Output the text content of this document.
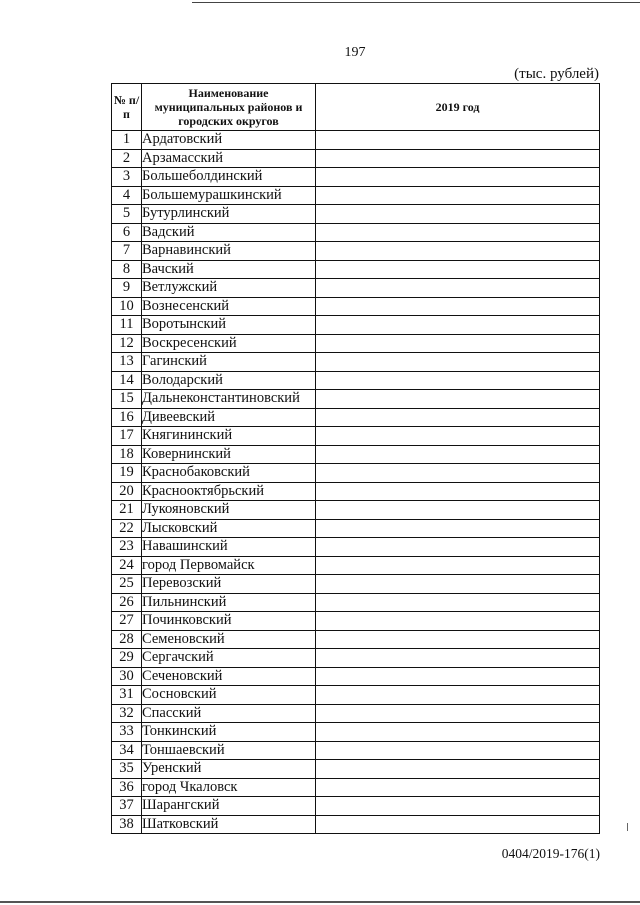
197
(тыс. рублей)
№ п/п	Наименование муниципальных районов и городских округов	2019 год
1	Ардатовский	
2	Арзамасский	
3	Большеболдинский	
4	Большемурашкинский	
5	Бутурлинский	
6	Вадский	
7	Варнавинский	
8	Вачский	
9	Ветлужский	
10	Вознесенский	
11	Воротынский	
12	Воскресенский	
13	Гагинский	
14	Володарский	
15	Дальнеконстантиновский	
16	Дивеевский	
17	Княгининский	
18	Ковернинский	
19	Краснобаковский	
20	Краснооктябрьский	
21	Лукояновский	
22	Лысковский	
23	Навашинский	
24	город Первомайск	
25	Перевозский	
26	Пильнинский	
27	Починковский	
28	Семеновский	
29	Сергачский	
30	Сеченовский	
31	Сосновский	
32	Спасский	
33	Тонкинский	
34	Тоншаевский	
35	Уренский	
36	город Чкаловск	
37	Шарангский	
38	Шатковский	
0404/2019-176(1)
